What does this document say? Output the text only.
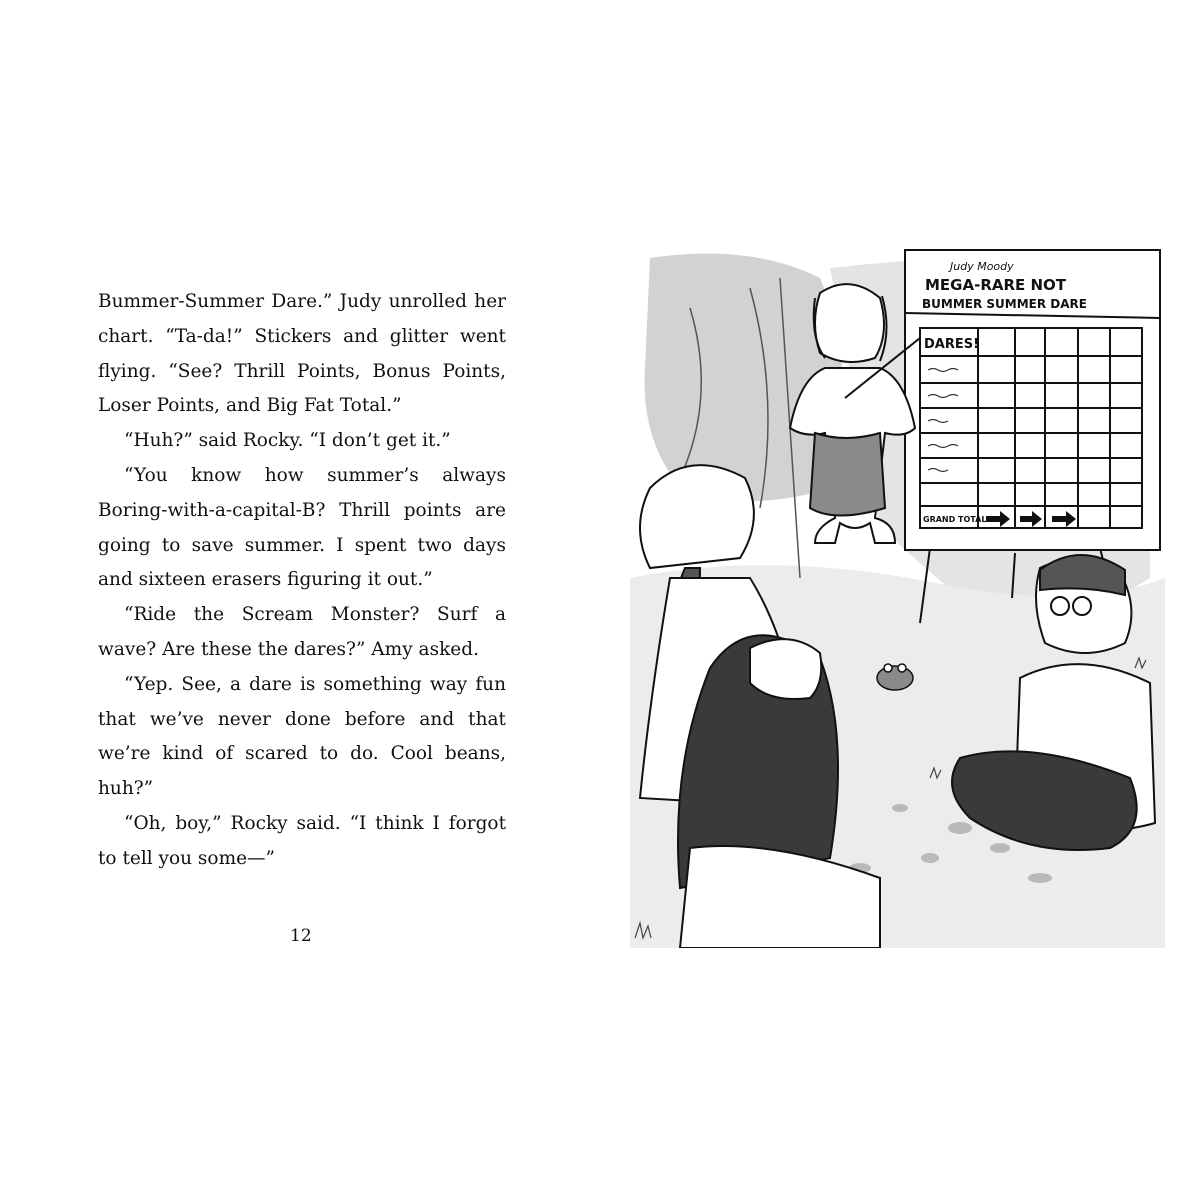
Bummer-Summer Dare.” Judy unrolled her chart. “Ta-da!” Stickers and glitter went flying. “See? Thrill Points, Bonus Points, Loser Points, and Big Fat Total.”

“Huh?” said Rocky. “I don’t get it.”

“You know how summer’s always Boring-with-a-capital-B? Thrill points are going to save summer. I spent two days and sixteen erasers figuring it out.”

“Ride the Scream Monster? Surf a wave? Are these the dares?” Amy asked.

“Yep. See, a dare is something way fun that we’ve never done before and that we’re kind of scared to do. Cool beans, huh?”

“Oh, boy,” Rocky said. “I think I forgot to tell you some—”

12
Judy Moody
MEGA-RARE NOT
BUMMER SUMMER DARE
DARES!
GRAND TOTAL
